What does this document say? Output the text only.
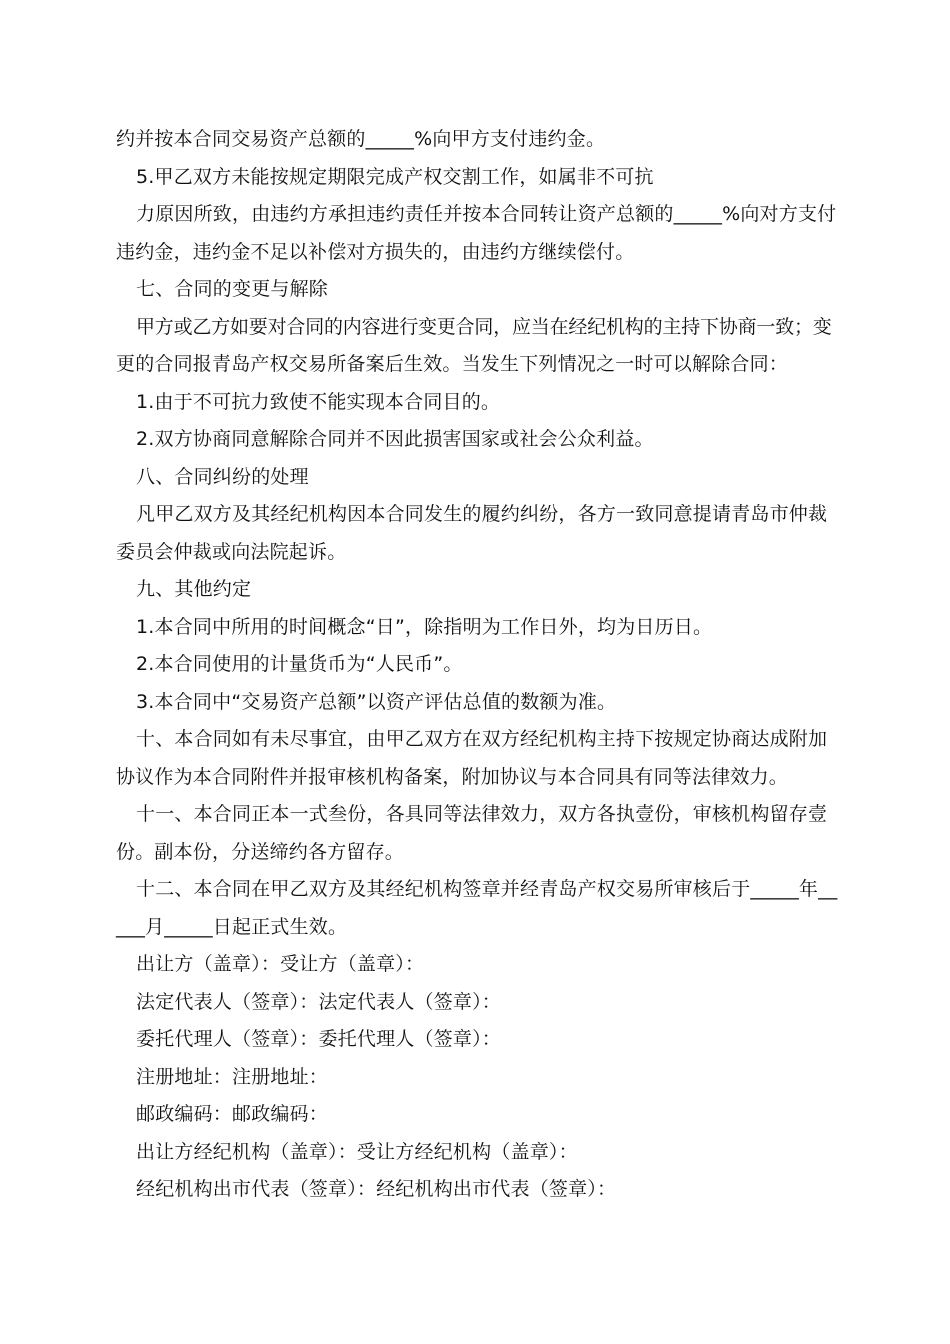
约并按本合同交易资产总额的_____%向甲方支付违约金。
5.甲乙双方未能按规定期限完成产权交割工作，如属非不可抗
力原因所致，由违约方承担违约责任并按本合同转让资产总额的_____%向对方支付
违约金，违约金不足以补偿对方损失的，由违约方继续偿付。
七、合同的变更与解除
甲方或乙方如要对合同的内容进行变更合同，应当在经纪机构的主持下协商一致；变
更的合同报青岛产权交易所备案后生效。当发生下列情况之一时可以解除合同：
1.由于不可抗力致使不能实现本合同目的。
2.双方协商同意解除合同并不因此损害国家或社会公众利益。
八、合同纠纷的处理
凡甲乙双方及其经纪机构因本合同发生的履约纠纷，各方一致同意提请青岛市仲裁
委员会仲裁或向法院起诉。
九、其他约定
1.本合同中所用的时间概念“日”，除指明为工作日外，均为日历日。
2.本合同使用的计量货币为“人民币”。
3.本合同中“交易资产总额”以资产评估总值的数额为准。
十、本合同如有未尽事宜，由甲乙双方在双方经纪机构主持下按规定协商达成附加
协议作为本合同附件并报审核机构备案，附加协议与本合同具有同等法律效力。
十一、本合同正本一式叁份，各具同等法律效力，双方各执壹份，审核机构留存壹
份。副本份，分送缔约各方留存。
十二、本合同在甲乙双方及其经纪机构签章并经青岛产权交易所审核后于_____年__
___月_____日起正式生效。
出让方（盖章）：受让方（盖章）：
法定代表人（签章）：法定代表人（签章）：
委托代理人（签章）：委托代理人（签章）：
注册地址：注册地址：
邮政编码：邮政编码：
出让方经纪机构（盖章）：受让方经纪机构（盖章）：
经纪机构出市代表（签章）：经纪机构出市代表（签章）：
